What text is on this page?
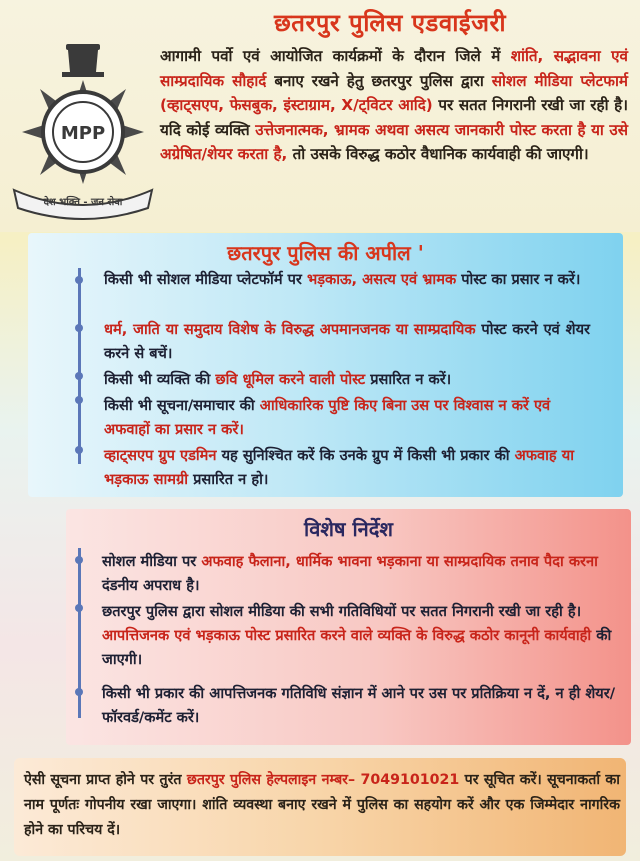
छतरपुर पुलिस एडवाईजरी
MPP
देश भक्ति - जन सेवा
आगामी पर्वो एवं आयोजित कार्यक्रमों के दौरान जिले में शांति, सद्भावना एवं साम्प्रदायिक सौहार्द बनाए रखने हेतु छतरपुर पुलिस द्वारा सोशल मीडिया प्लेटफार्म (व्हाट्सएप, फेसबुक, इंस्टाग्राम, X/ट्विटर आदि) पर सतत निगरानी रखी जा रही है। यदि कोई व्यक्ति उत्तेजनात्मक, भ्रामक अथवा असत्य जानकारी पोस्ट करता है या उसे अग्रेषित/शेयर करता है, तो उसके विरुद्ध कठोर वैधानिक कार्यवाही की जाएगी।
छतरपुर पुलिस की अपील '
किसी भी सोशल मीडिया प्लेटफॉर्म पर भड़काऊ, असत्य एवं भ्रामक पोस्ट का प्रसार न करें।
धर्म, जाति या समुदाय विशेष के विरुद्ध अपमानजनक या साम्प्रदायिक पोस्ट करने एवं शेयर करने से बचें।
किसी भी व्यक्ति की छवि धूमिल करने वाली पोस्ट प्रसारित न करें।
किसी भी सूचना/समाचार की आधिकारिक पुष्टि किए बिना उस पर विश्वास न करें एवं अफवाहों का प्रसार न करें।
व्हाट्सएप ग्रुप एडमिन यह सुनिश्चित करें कि उनके ग्रुप में किसी भी प्रकार की अफवाह या भड़काऊ सामग्री प्रसारित न हो।
विशेष निर्देश
सोशल मीडिया पर अफवाह फैलाना, धार्मिक भावना भड़काना या साम्प्रदायिक तनाव पैदा करना दंडनीय अपराध है।
छतरपुर पुलिस द्वारा सोशल मीडिया की सभी गतिविधियों पर सतत निगरानी रखी जा रही है। आपत्तिजनक एवं भड़काऊ पोस्ट प्रसारित करने वाले व्यक्ति के विरुद्ध कठोर कानूनी कार्यवाही की जाएगी।
किसी भी प्रकार की आपत्तिजनक गतिविधि संज्ञान में आने पर उस पर प्रतिक्रिया न दें, न ही शेयर/फॉरवर्ड/कमेंट करें।
ऐसी सूचना प्राप्त होने पर तुरंत छतरपुर पुलिस हेल्पलाइन नम्बर– 7049101021 पर सूचित करें। सूचनाकर्ता का नाम पूर्णतः गोपनीय रखा जाएगा। शांति व्यवस्था बनाए रखने में पुलिस का सहयोग करें और एक जिम्मेदार नागरिक होने का परिचय दें।
